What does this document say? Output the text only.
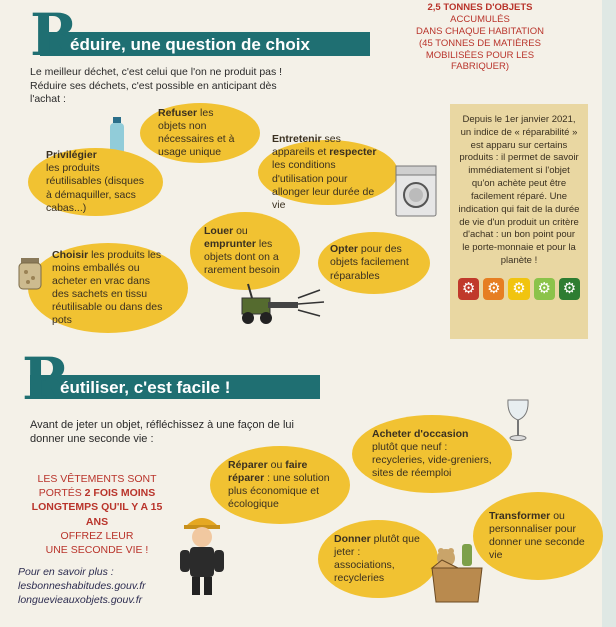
2,5 TONNES D'OBJETS
ACCUMULÉS
DANS CHAQUE HABITATION
(45 TONNES DE MATIÈRES
MOBILISÉES POUR LES FABRIQUER)
R
éduire, une question de choix
Le meilleur déchet, c'est celui que l'on ne produit pas !
Réduire ses déchets, c'est possible en anticipant dès
l'achat :
Refuser les objets non nécessaires et à usage unique
Privilégier
les produits réutilisables (disques à démaquiller, sacs cabas...)
Entretenir ses appareils et respecter les conditions d'utilisation pour allonger leur durée de vie
Choisir les produits les moins emballés ou acheter en vrac dans des sachets en tissu réutilisable ou dans des pots
Louer ou
emprunter les objets dont on a rarement besoin
Opter pour des objets facilement réparables
Depuis le 1er janvier 2021, un indice de « réparabilité » est apparu sur certains produits : il permet de savoir immédiatement si l'objet qu'on achète peut être facilement réparé. Une indication qui fait de la durée de vie d'un produit un critère d'achat : un bon point pour le porte-monnaie et pour la planète !
⚙ ⚙ ⚙ ⚙ ⚙
R
éutiliser, c'est facile !
Avant de jeter un objet, réfléchissez à une façon de lui
donner une seconde vie :
LES VÊTEMENTS SONT
PORTÉS 2 FOIS MOINS
LONGTEMPS QU'IL Y A 15 ANS
OFFREZ LEUR
UNE SECONDE VIE !
Pour en savoir plus :
lesbonneshabitudes.gouv.fr
longuevieauxobjets.gouv.fr
Acheter d'occasion plutôt que neuf : recycleries, vide-greniers, sites de réemploi
Réparer ou faire réparer : une solution plus économique et écologique
Transformer ou personnaliser pour donner une seconde vie
Donner plutôt que jeter : associations, recycleries
